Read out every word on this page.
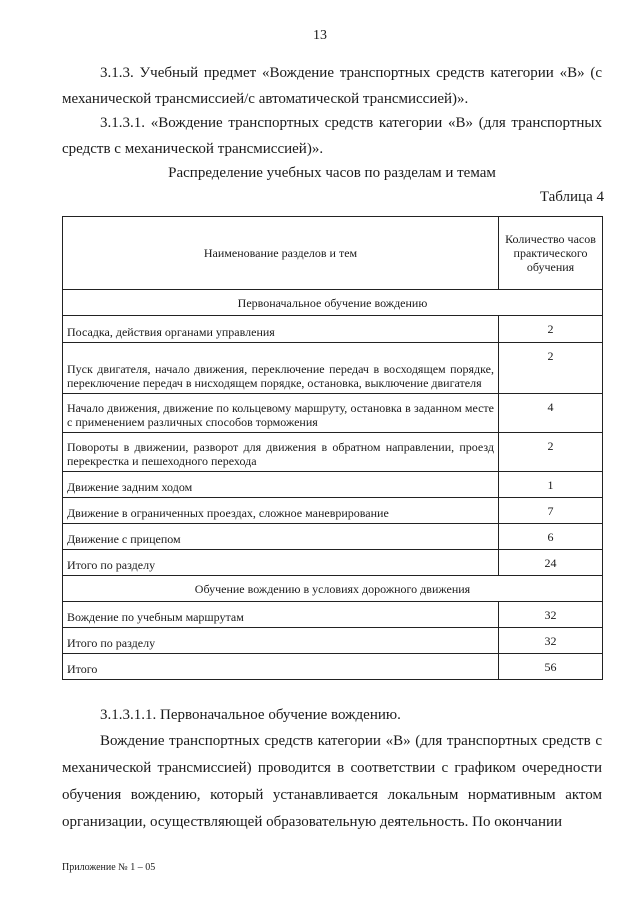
13

3.1.3. Учебный предмет «Вождение транспортных средств категории «В» (с механической трансмиссией/с автоматической трансмиссией)».

3.1.3.1. «Вождение транспортных средств категории «В» (для транспортных средств с механической трансмиссией)».

Распределение учебных часов по разделам и темам
Таблица 4
Наименование разделов и тем	Количество часов практического обучения
Первоначальное обучение вождению	
Посадка, действия органами управления	2
Пуск двигателя, начало движения, переключение передач в восходящем порядке, переключение передач в нисходящем порядке, остановка, выключение двигателя	2
Начало движения, движение по кольцевому маршруту, остановка в заданном месте с применением различных способов торможения	4
Повороты в движении, разворот для движения в обратном направлении, проезд перекрестка и пешеходного перехода	2
Движение задним ходом	1
Движение в ограниченных проездах, сложное маневрирование	7
Движение с прицепом	6
Итого по разделу	24
Обучение вождению в условиях дорожного движения	
Вождение по учебным маршрутам	32
Итого по разделу	32
Итого	56

3.1.3.1.1. Первоначальное обучение вождению.

Вождение транспортных средств категории «В» (для транспортных средств с механической трансмиссией) проводится в соответствии с графиком очередности обучения вождению, который устанавливается локальным нормативным актом организации, осуществляющей образовательную деятельность. По окончании

Приложение № 1 – 05
